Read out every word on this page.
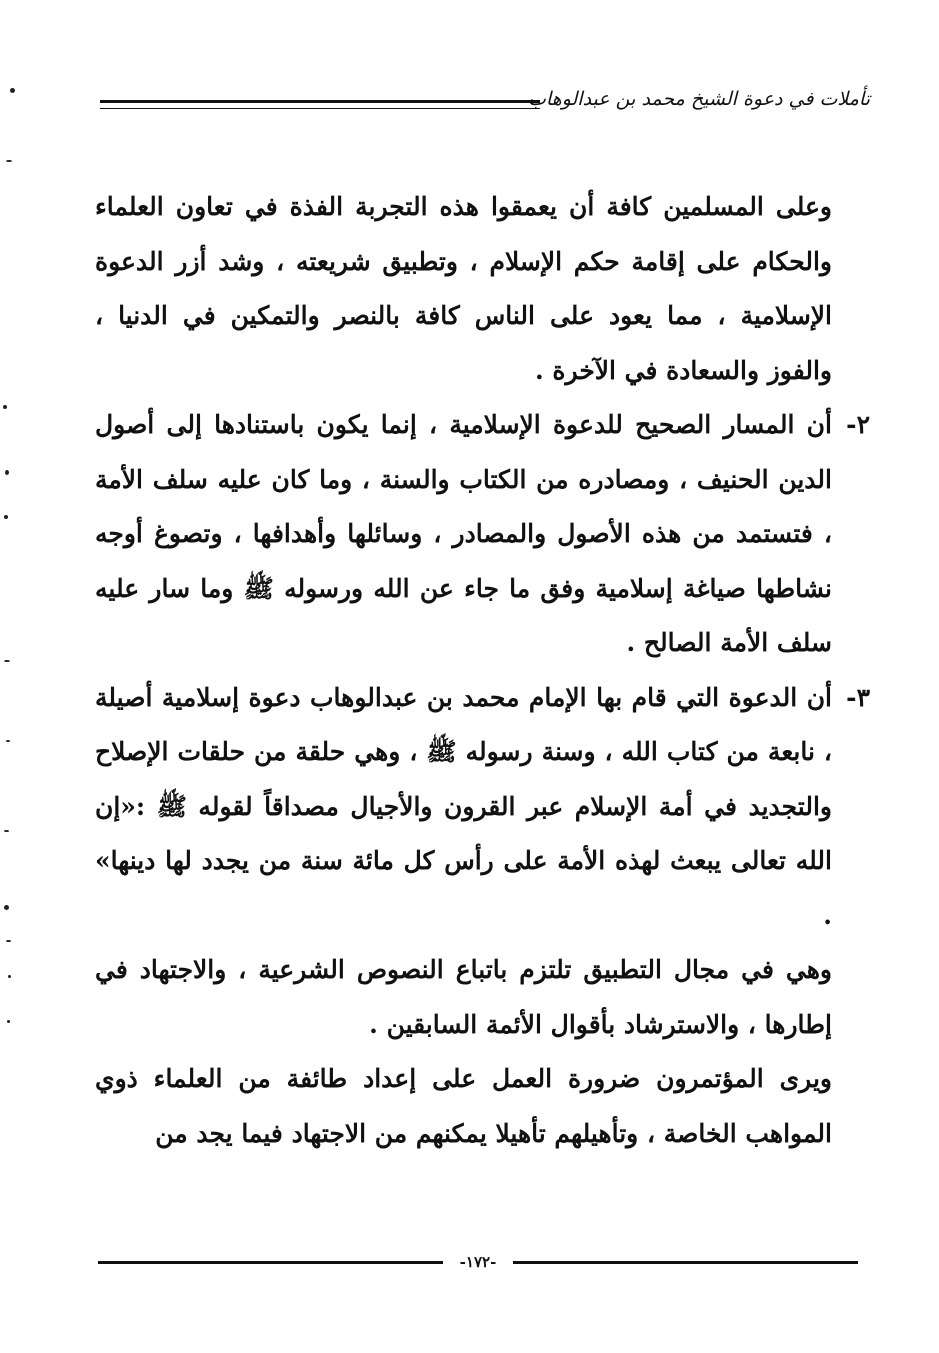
تأملات في دعوة الشيخ محمد بن عبدالوهاب

وعلى المسلمين كافة أن يعمقوا هذه التجربة الفذة في تعاون العلماء والحكام على إقامة حكم الإسلام ، وتطبيق شريعته ، وشد أزر الدعوة الإسلامية ، مما يعود على الناس كافة بالنصر والتمكين في الدنيا ، والفوز والسعادة في الآخرة .

٢-
أن المسار الصحيح للدعوة الإسلامية ، إنما يكون باستنادها إلى أصول الدين الحنيف ، ومصادره من الكتاب والسنة ، وما كان عليه سلف الأمة ، فتستمد من هذه الأصول والمصادر ، وسائلها وأهدافها ، وتصوغ أوجه نشاطها صياغة إسلامية وفق ما جاء عن الله ورسوله ﷺ وما سار عليه سلف الأمة الصالح .
٣-
أن الدعوة التي قام بها الإمام محمد بن عبدالوهاب دعوة إسلامية أصيلة ، نابعة من كتاب الله ، وسنة رسوله ﷺ ، وهي حلقة من حلقات الإصلاح والتجديد في أمة الإسلام عبر القرون والأجيال مصداقاً لقوله ﷺ :«إن الله تعالى يبعث لهذه الأمة على رأس كل مائة سنة من يجدد لها دينها» .

وهي في مجال التطبيق تلتزم باتباع النصوص الشرعية ، والاجتهاد في إطارها ، والاسترشاد بأقوال الأئمة السابقين .

ويرى المؤتمرون ضرورة العمل على إعداد طائفة من العلماء ذوي المواهب الخاصة ، وتأهيلهم تأهيلا يمكنهم من الاجتهاد فيما يجد من

-١٧٢-
